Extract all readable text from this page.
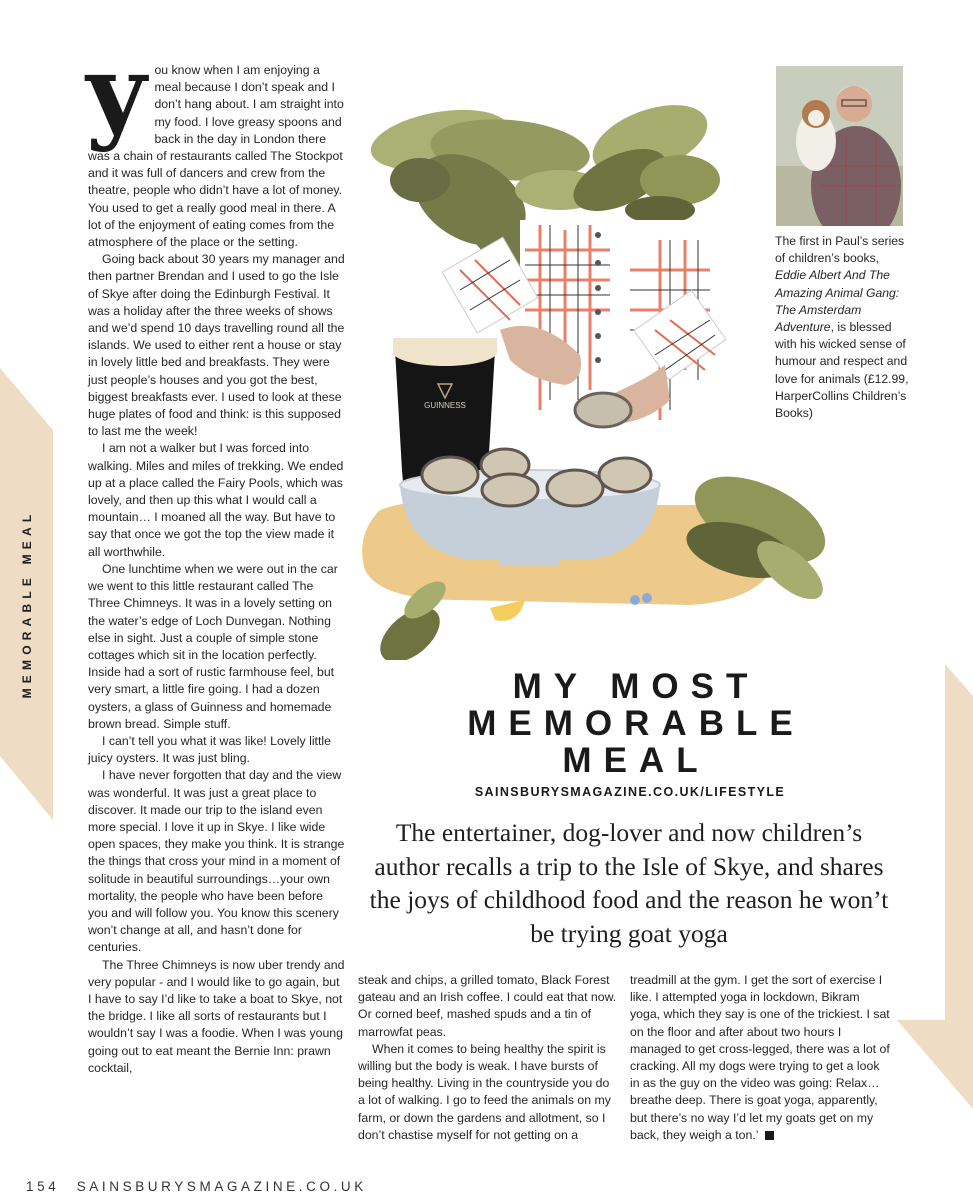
MEMORABLE MEAL

you know when I am enjoying a meal because I don’t speak and I don’t hang about. I am straight into my food. I love greasy spoons and back in the day in London there was a chain of restaurants called The Stockpot and it was full of dancers and crew from the theatre, people who didn’t have a lot of money. You used to get a really good meal in there. A lot of the enjoyment of eating comes from the atmosphere of the place or the setting.

Going back about 30 years my manager and then partner Brendan and I used to go the Isle of Skye after doing the Edinburgh Festival. It was a holiday after the three weeks of shows and we’d spend 10 days travelling round all the islands. We used to either rent a house or stay in lovely little bed and breakfasts. They were just people’s houses and you got the best, biggest breakfasts ever. I used to look at these huge plates of food and think: is this supposed to last me the week!

I am not a walker but I was forced into walking. Miles and miles of trekking. We ended up at a place called the Fairy Pools, which was lovely, and then up this what I would call a mountain… I moaned all the way. But have to say that once we got the top the view made it all worthwhile.

One lunchtime when we were out in the car we went to this little restaurant called The Three Chimneys. It was in a lovely setting on the water’s edge of Loch Dunvegan. Nothing else in sight. Just a couple of simple stone cottages which sit in the location perfectly. Inside had a sort of rustic farmhouse feel, but very smart, a little fire going. I had a dozen oysters, a glass of Guinness and homemade brown bread. Simple stuff.

I can’t tell you what it was like! Lovely little juicy oysters. It was just bling.

I have never forgotten that day and the view was wonderful. It was just a great place to discover. It made our trip to the island even more special. I love it up in Skye. I like wide open spaces, they make you think. It is strange the things that cross your mind in a moment of solitude in beautiful surroundings…your own mortality, the people who have been before you and will follow you. You know this scenery won’t change at all, and hasn’t done for centuries.

The Three Chimneys is now uber trendy and very popular - and I would like to go again, but I have to say I’d like to take a boat to Skye, not the bridge. I like all sorts of restaurants but I wouldn’t say I was a foodie. When I was young going out to eat meant the Bernie Inn: prawn cocktail,

GUINNESS
The first in Paul’s series of children’s books, Eddie Albert And The Amazing Animal Gang: The Amsterdam Adventure, is blessed with his wicked sense of humour and respect and love for animals (£12.99, HarperCollins Children’s Books)
MY MOST
MEMORABLE
MEAL
SAINSBURYSMAGAZINE.CO.UK/LIFESTYLE
The entertainer, dog-lover and now children’s author recalls a trip to the Isle of Skye, and shares the joys of childhood food and the reason he won’t be trying goat yoga

steak and chips, a grilled tomato, Black Forest gateau and an Irish coffee. I could eat that now. Or corned beef, mashed spuds and a tin of marrowfat peas.

When it comes to being healthy the spirit is willing but the body is weak. I have bursts of being healthy. Living in the countryside you do a lot of walking. I go to feed the animals on my farm, or down the gardens and allotment, so I don’t chastise myself for not getting on a

treadmill at the gym. I get the sort of exercise I like. I attempted yoga in lockdown, Bikram yoga, which they say is one of the trickiest. I sat on the floor and after about two hours I managed to get cross-legged, there was a lot of cracking. All my dogs were trying to get a look in as the guy on the video was going: Relax… breathe deep. There is goat yoga, apparently, but there’s no way I’d let my goats get on my back, they weigh a ton.’

154 SAINSBURYSMAGAZINE.CO.UK
